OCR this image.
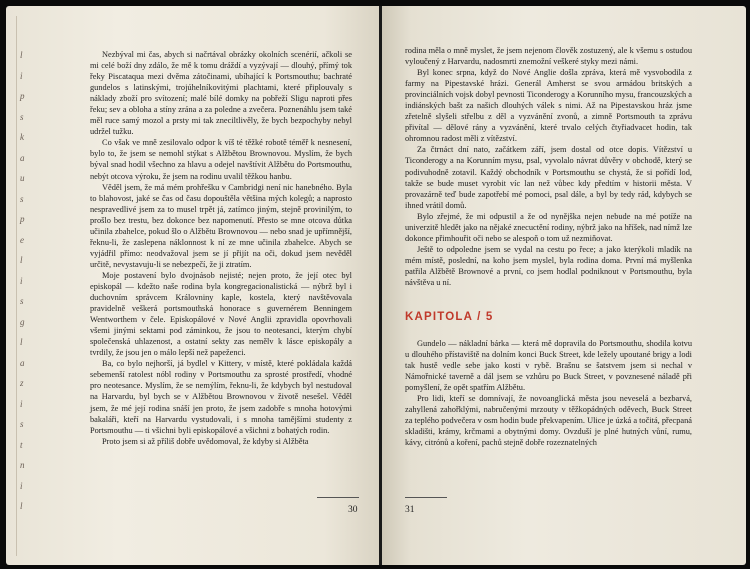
l
i
p
s
k
a
u
s
p
e
l
i
s
g
l
a
z
i
s
t
n
i
l

Nezbýval mi čas, abych si načrtával obrázky okolních scenérií, ačkoli se mi celé boží dny zdálo, že mě k tomu dráždí a vyzývají — dlouhý, přímý tok řeky Piscataqua mezi dvěma zátočinami, ubíhající k Portsmouthu; bachraté gundelos s latinskými, trojúhelníkovitými plachtami, které připlouvaly s náklady zboží pro svítození; malé bílé domky na pobřeží Sligu naproti přes řeku; sev a obloha a stíny zrána a za poledne a zvečera. Poznenáhlu jsem také měl ruce samý mozol a prsty mi tak zneciltlivěly, že bych bezpochyby nebyl udržel tužku.

Co však ve mně zesilovalo odpor k víš té těžké robotě téměř k nesnesení, bylo to, že jsem se nemohl stýkat s Alžbětou Brownovou. Myslím, že bych býval snad hodil všechno za hlavu a odejel navštívit Alžbětu do Portsmouthu, nebýt otcova výroku, že jsem na rodinu uvalil těžkou hanbu.

Věděl jsem, že má mém prohřešku v Cambridgi není nic hanebného. Byla to blahovost, jaké se čas od času dopouštěla většina mých kolegů; a naprosto nespravedlivé jsem za to musel trpět já, zatímco jiným, stejně provinilým, to prošlo bez trestu, bez dokonce bez napomenutí. Přesto se mne otcova důtka učinila zbahelce, pokud šlo o Alžbětu Brownovou — nebo snad je upřímnější, řeknu-li, že zaslepena náklonnost k ní ze mne učinila zbahelce. Abych se vyjádřil přímo: neodvažoval jsem se jí přijít na oči, dokud jsem nevěděl určitě, nevystavuju-li se nebezpečí, že ji ztratím.

Moje postavení bylo dvojnásob nejisté; nejen proto, že její otec byl episkopál — kdežto naše rodina byla kongregacionalistická — nýbrž byl i duchovním správcem Královniny kaple, kostela, který navštěvovala pravidelně veškerá portsmouthská honorace s guvernérem Benningem Wentworthem v čele. Episkopálové v Nové Anglii zpravidla opovrhovali všemi jinými sektami pod záminkou, že jsou to neotesanci, kterým chybí společenská uhlazenost, a ostatní sekty zas nemělv k lásce episkopály a tvrdily, že jsou jen o málo lepší než papeženci.

Ba, co bylo nejhorší, já bydlel v Kittery, v místě, které pokládala každá sebemenší ratolest nóbl rodiny v Portsmouthu za sprosté prostředí, vhodné pro neotesance. Myslím, že se nemýlím, řeknu-li, že kdybych byl nestudoval na Harvardu, byl bych se v Alžbětou Brownovou v životě nesešel. Věděl jsem, že mé její rodina snáší jen proto, že jsem zadobře s mnoha hotovými bakaláři, kteří na Harvardu vystudovali, i s mnoha tamějšími studenty z Portsmouthu — ti všichni byli episkopálové a všichni z bohatých rodin.

Proto jsem si až příliš dobře uvědomoval, že kdyby si Alžběta

30

rodina měla o mně myslet, že jsem nejenom člověk zostuzený, ale k všemu s ostudou vyloučený z Harvardu, nadosmrti znemožní veškeré styky mezi námi.

Byl konec srpna, když do Nové Anglie došla zpráva, která mě vysvobodila z farmy na Pipestavské hrázi. Generál Amherst se svou armádou britských a provinciálních vojsk dobyl pevnosti Ticonderogy a Korunního mysu, francouzských a indiánských bašt za našich dlouhých válek s nimi. Až na Pipestavskou hráz jsme zřetelně slyšeli střelbu z děl a vyzvánění zvonů, a zimně Portsmouth ta zprávu přivítal — dělové rány a vyzvánění, které trvalo celých čtyřiadvacet hodin, tak ohromnou radost měli z vítězství.

Za čtrnáct dní nato, začátkem září, jsem dostal od otce dopis. Vítězství u Ticonderogy a na Korunním mysu, psal, vyvolalo návrat důvěry v obchodě, který se podivuhodně zotavil. Každý obchodník v Portsmouthu se chystá, že si pořídí lod, takže se bude muset vyrobit víc lan než vůbec kdy předtím v historii města. V provazárně teď bude zapotřebí mé pomoci, psal dále, a byl by tedy rád, kdybych se ihned vrátil domů.

Bylo zřejmé, že mi odpustil a že od nynějška nejen nebude na mé potíže na univerzitě hledět jako na nějaké znecuctění rodiny, nýbrž jako na hříšek, nad nímž lze dokonce přimhouřit oči nebo se alespoň o tom už nezmiňovat.

Ještě to odpoledne jsem se vydal na cestu po řece; a jako kterýkoli mladík na mém místě, poslední, na koho jsem myslel, byla rodina doma. První má myšlenka patřila Alžbětě Brownové a první, co jsem hodlal podniknout v Portsmouthu, byla návštěva u ní.

KAPITOLA / 5

Gundelo — nákladní bárka — která mě dopravila do Portsmouthu, shodila kotvu u dlouhého přístaviště na dolním konci Buck Street, kde ležely upoutané brigy a lodi tak hustě vedle sebe jako kosti v rybě. Brašnu se šatstvem jsem si nechal v Námořnické taverně a dál jsem se vzhůru po Buck Street, v povznesené náladě při pomyšlení, že opět spatřím Alžbětu.

Pro lidi, kteří se domnívají, že novoanglická města jsou neveselá a bezbarvá, zahyllená zahořklými, nabručenými mrzouty v těžkopádných oděvech, Buck Street za teplého podvečera v osm hodin bude překvapením. Ulice je úzká a točitá, přecpaná skladišti, krámy, krčmami a obytnými domy. Ovzduší je plné hutných vůní, rumu, kávy, citrónů a koření, pachů stejně dobře rozeznatelných

31
